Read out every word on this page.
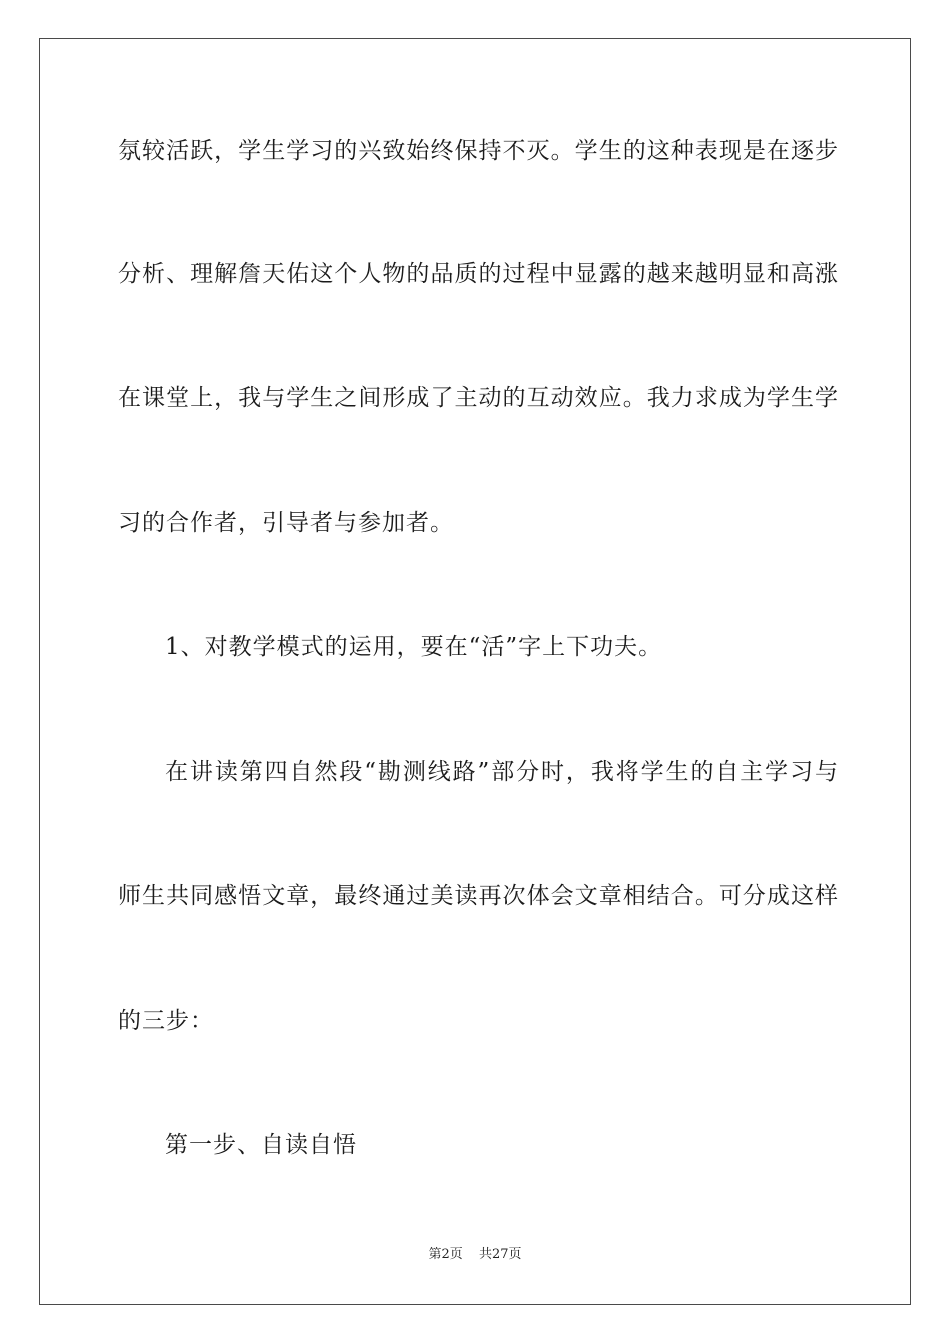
氛较活跃，学生学习的兴致始终保持不灭。学生的这种表现是在逐步
分析、理解詹天佑这个人物的品质的过程中显露的越来越明显和高涨
在课堂上，我与学生之间形成了主动的互动效应。我力求成为学生学
习的合作者，引导者与参加者。
1、对教学模式的运用，要在“活”字上下功夫。
在讲读第四自然段“勘测线路”部分时，我将学生的自主学习与
师生共同感悟文章，最终通过美读再次体会文章相结合。可分成这样
的三步：
第一步、自读自悟
第2页 共27页
